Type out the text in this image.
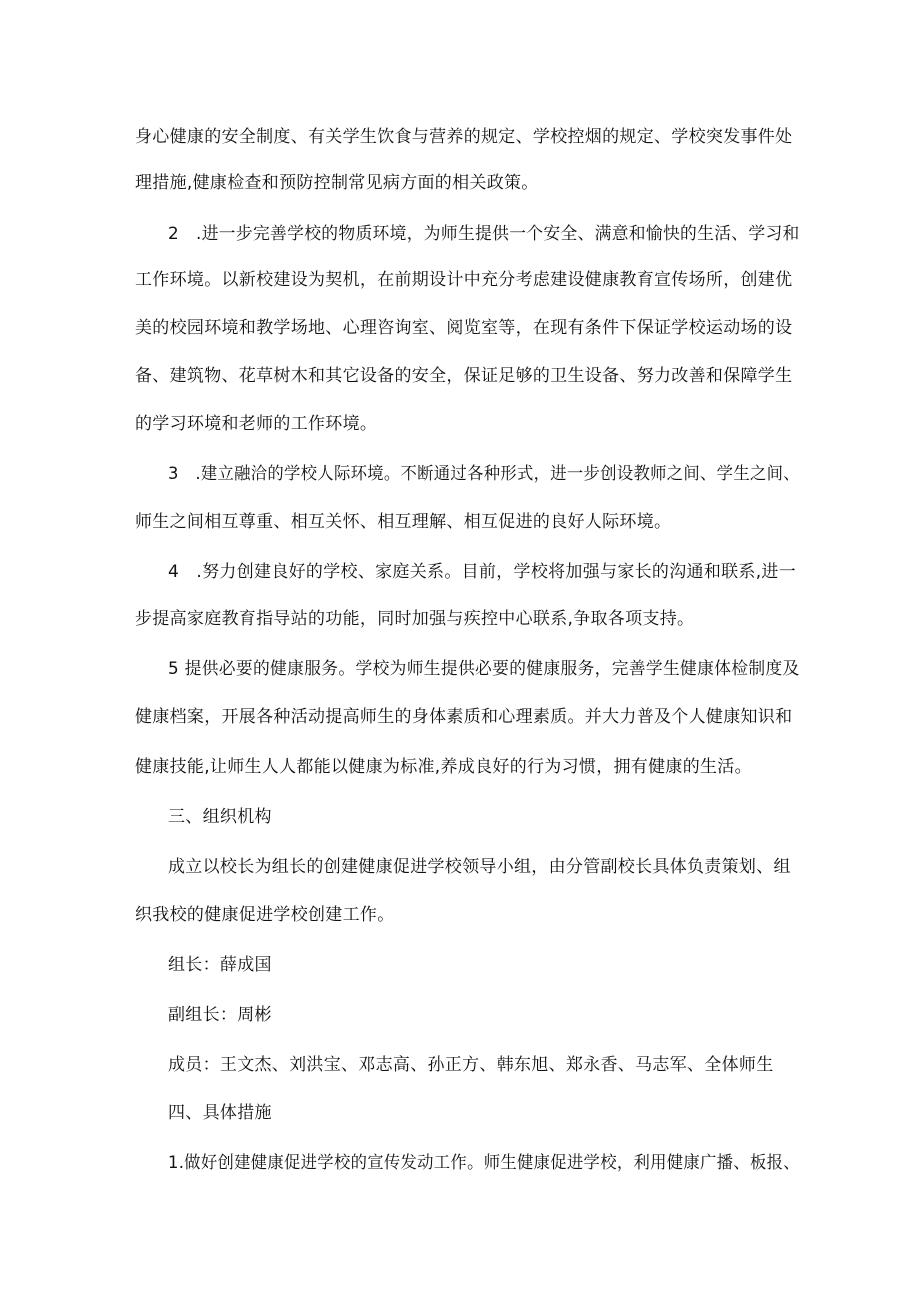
身心健康的安全制度、有关学生饮食与营养的规定、学校控烟的规定、学校突发事件处
理措施,健康检查和预防控制常见病方面的相关政策。
2　.进一步完善学校的物质环境，为师生提供一个安全、满意和愉快的生活、学习和
工作环境。以新校建设为契机，在前期设计中充分考虑建设健康教育宣传场所，创建优
美的校园环境和教学场地、心理咨询室、阅览室等，在现有条件下保证学校运动场的设
备、建筑物、花草树木和其它设备的安全，保证足够的卫生设备、努力改善和保障学生
的学习环境和老师的工作环境。
3　.建立融洽的学校人际环境。不断通过各种形式，进一步创设教师之间、学生之间、
师生之间相互尊重、相互关怀、相互理解、相互促进的良好人际环境。
4　.努力创建良好的学校、家庭关系。目前，学校将加强与家长的沟通和联系,进一
步提高家庭教育指导站的功能，同时加强与疾控中心联系,争取各项支持。
5 提供必要的健康服务。学校为师生提供必要的健康服务，完善学生健康体检制度及
健康档案，开展各种活动提高师生的身体素质和心理素质。并大力普及个人健康知识和
健康技能,让师生人人都能以健康为标准,养成良好的行为习惯，拥有健康的生活。
三、组织机构
成立以校长为组长的创建健康促进学校领导小组，由分管副校长具体负责策划、组
织我校的健康促进学校创建工作。
组长：薛成国
副组长：周彬
成员：王文杰、刘洪宝、邓志高、孙正方、韩东旭、郑永香、马志军、全体师生
四、具体措施
1.做好创建健康促进学校的宣传发动工作。师生健康促进学校，利用健康广播、板报、
